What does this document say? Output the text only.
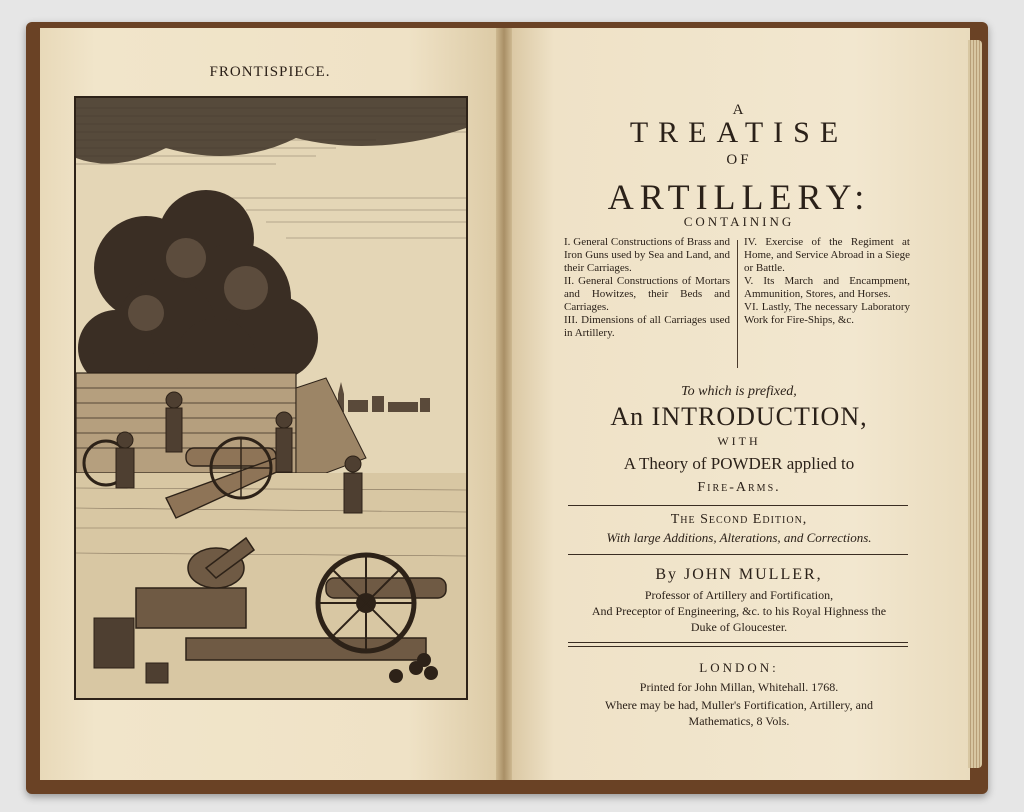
FRONTISPIECE.
A
TREATISE
OF
ARTILLERY:
CONTAINING

I. General Constructions of Brass and Iron Guns used by Sea and Land, and their Carriages.

II. General Constructions of Mortars and Howitzes, their Beds and Carriages.

III. Dimensions of all Carriages used in Artillery.

IV. Exercise of the Regiment at Home, and Service Abroad in a Siege or Battle.

V. Its March and Encampment, Ammunition, Stores, and Horses.

VI. Lastly, The necessary Laboratory Work for Fire-Ships, &c.

To which is prefixed,
An INTRODUCTION,
WITH
A Theory of POWDER applied to
Fire-Arms.
The Second Edition,
With large Additions, Alterations, and Corrections.
By JOHN MULLER,
Professor of Artillery and Fortification,
And Preceptor of Engineering, &c. to his Royal Highness the
Duke of Gloucester.
LONDON:
Printed for John Millan, Whitehall. 1768.
Where may be had, Muller's Fortification, Artillery, and
Mathematics, 8 Vols.
